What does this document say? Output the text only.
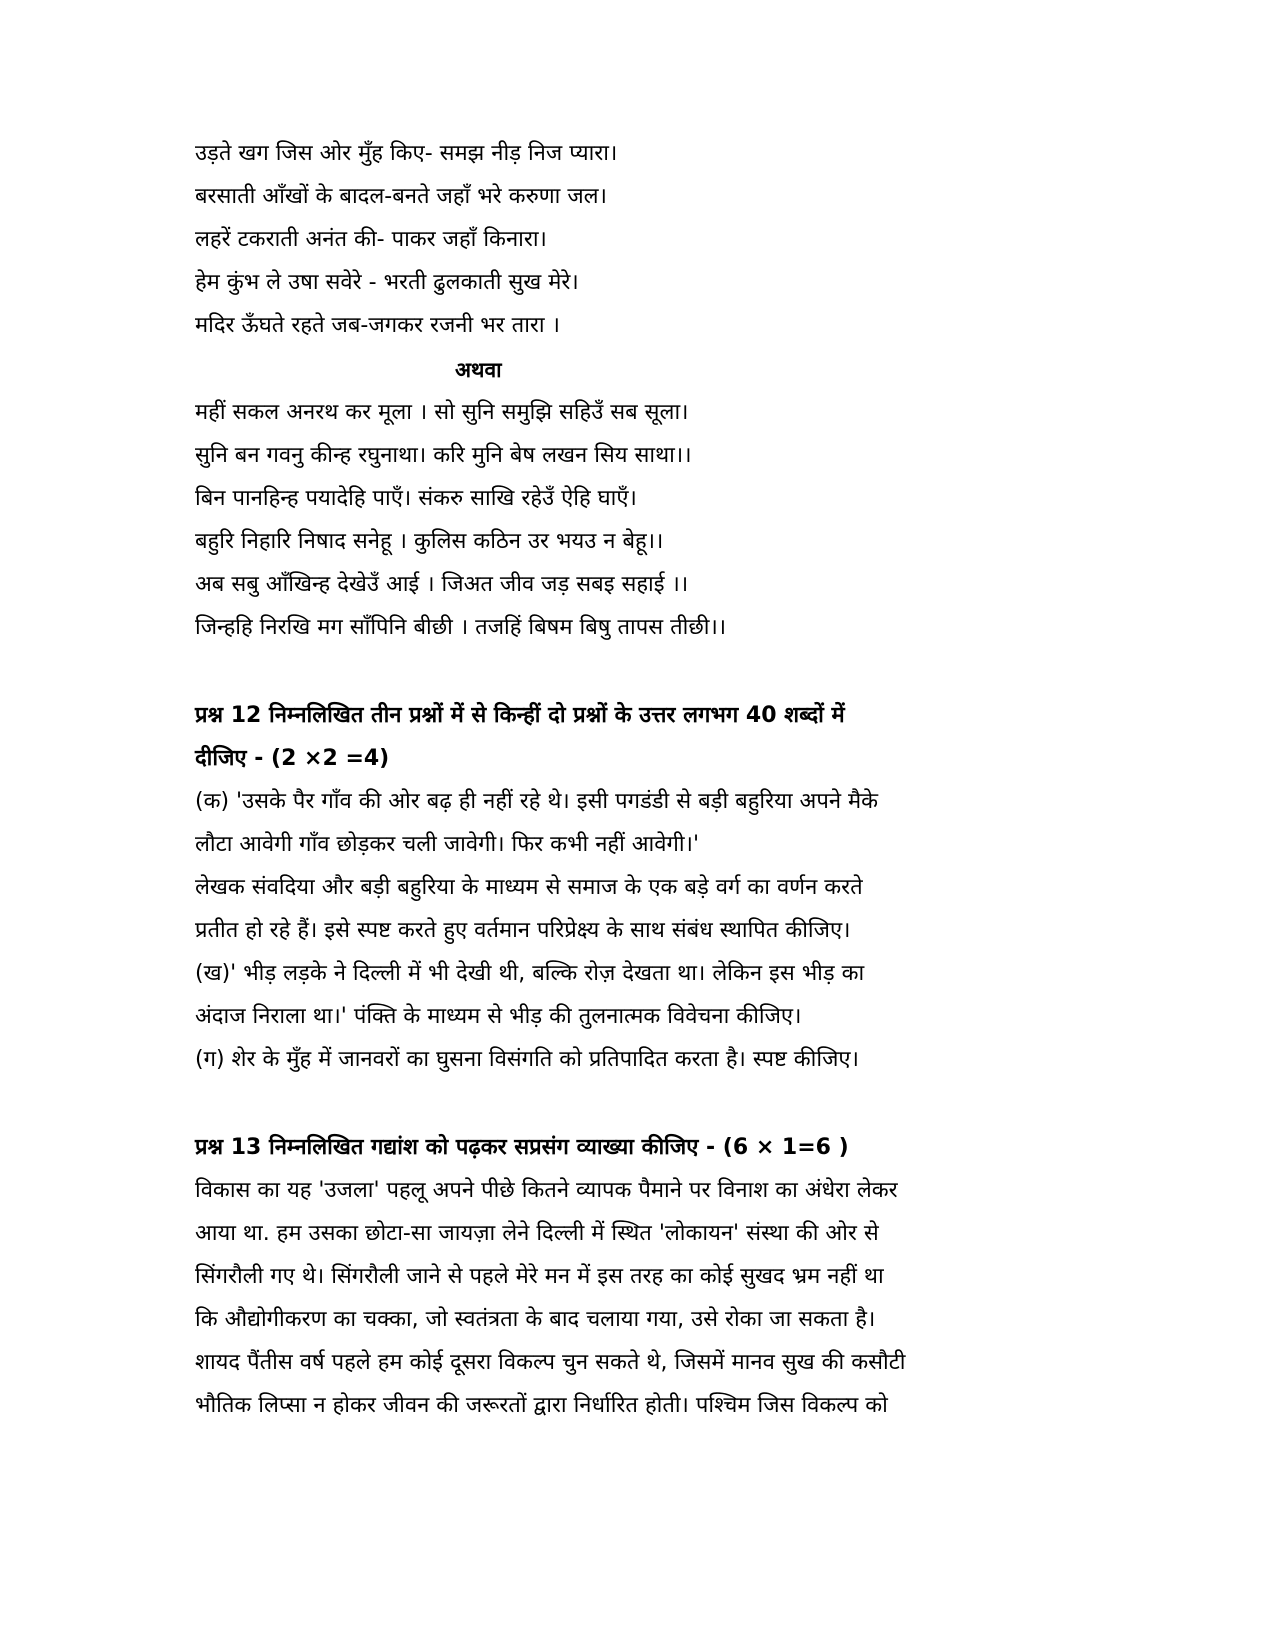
उड़ते खग जिस ओर मुँह किए- समझ नीड़ निज प्यारा।
बरसाती आँखों के बादल-बनते जहाँ भरे करुणा जल।
लहरें टकराती अनंत की- पाकर जहाँ किनारा।
हेम कुंभ ले उषा सवेरे - भरती ढुलकाती सुख मेरे।
मदिर ऊँघते रहते जब-जगकर रजनी भर तारा ।
अथवा
महीं सकल अनरथ कर मूला । सो सुनि समुझि सहिउँ सब सूला।
सुनि बन गवनु कीन्ह रघुनाथा। करि मुनि बेष लखन सिय साथा।।
बिन पानहिन्ह पयादेहि पाएँ। संकरु साखि रहेउँ ऐहि घाएँ।
बहुरि निहारि निषाद सनेहू । कुलिस कठिन उर भयउ न बेहू।।
अब सबु आँखिन्ह देखेउँ आई । जिअत जीव जड़ सबइ सहाई ।।
जिन्हहि निरखि मग साँपिनि बीछी । तजहिं बिषम बिषु तापस तीछी।।
प्रश्न 12 निम्नलिखित तीन प्रश्नों में से किन्हीं दो प्रश्नों के उत्तर लगभग 40 शब्दों में
दीजिए - (2 ×2 =4)
(क) 'उसके पैर गाँव की ओर बढ़ ही नहीं रहे थे। इसी पगडंडी से बड़ी बहुरिया अपने मैके
लौटा आवेगी गाँव छोड़कर चली जावेगी। फिर कभी नहीं आवेगी।'
लेखक संवदिया और बड़ी बहुरिया के माध्यम से समाज के एक बड़े वर्ग का वर्णन करते
प्रतीत हो रहे हैं। इसे स्पष्ट करते हुए वर्तमान परिप्रेक्ष्य के साथ संबंध स्थापित कीजिए।
(ख)' भीड़ लड़के ने दिल्ली में भी देखी थी, बल्कि रोज़ देखता था। लेकिन इस भीड़ का
अंदाज निराला था।' पंक्ति के माध्यम से भीड़ की तुलनात्मक विवेचना कीजिए।
(ग) शेर के मुँह में जानवरों का घुसना विसंगति को प्रतिपादित करता है। स्पष्ट कीजिए।
प्रश्न 13 निम्नलिखित गद्यांश को पढ़कर सप्रसंग व्याख्या कीजिए - (6 × 1=6 )
विकास का यह 'उजला' पहलू अपने पीछे कितने व्यापक पैमाने पर विनाश का अंधेरा लेकर
आया था. हम उसका छोटा-सा जायज़ा लेने दिल्ली में स्थित 'लोकायन' संस्था की ओर से
सिंगरौली गए थे। सिंगरौली जाने से पहले मेरे मन में इस तरह का कोई सुखद भ्रम नहीं था
कि औद्योगीकरण का चक्का, जो स्वतंत्रता के बाद चलाया गया, उसे रोका जा सकता है।
शायद पैंतीस वर्ष पहले हम कोई दूसरा विकल्प चुन सकते थे, जिसमें मानव सुख की कसौटी
भौतिक लिप्सा न होकर जीवन की जरूरतों द्वारा निर्धारित होती। पश्चिम जिस विकल्प को
